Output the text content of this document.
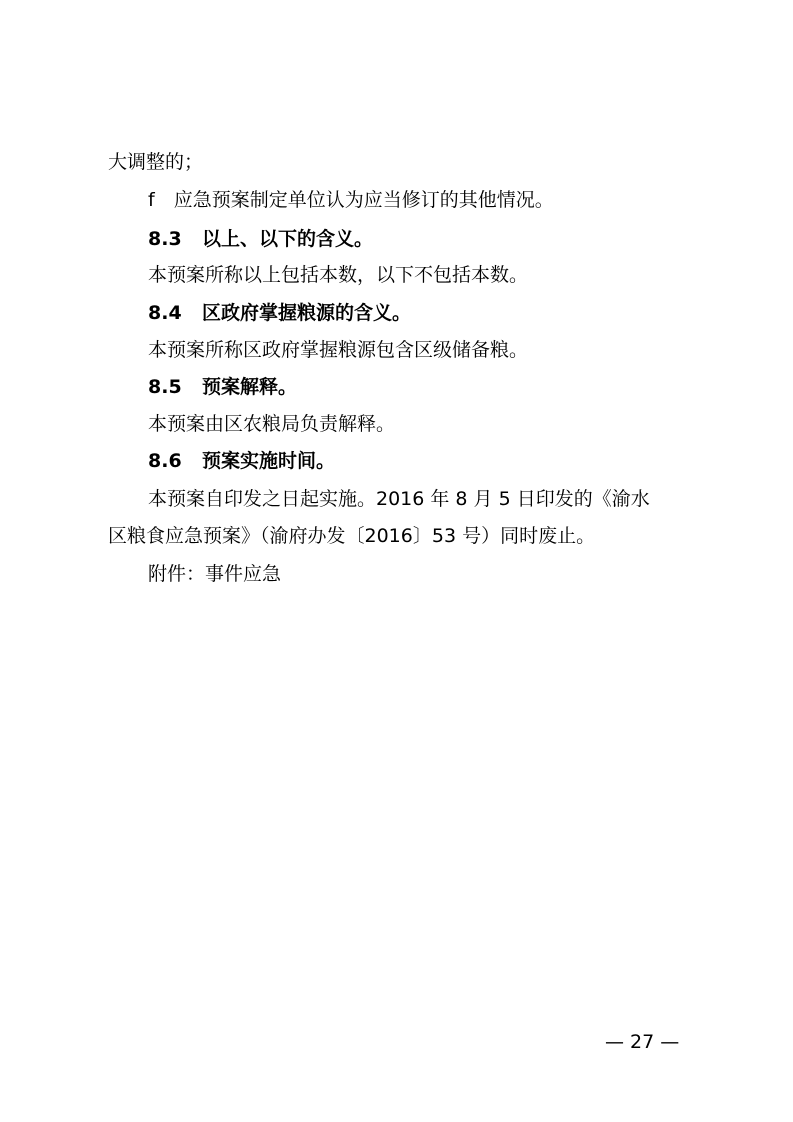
大调整的；
f　应急预案制定单位认为应当修订的其他情况。
8.3 以上、以下的含义。
本预案所称以上包括本数，以下不包括本数。
8.4 区政府掌握粮源的含义。
本预案所称区政府掌握粮源包含区级储备粮。
8.5 预案解释。
本预案由区农粮局负责解释。
8.6 预案实施时间。
本预案自印发之日起实施。2016 年 8 月 5 日印发的《渝水
区粮食应急预案》（渝府办发〔2016〕53 号）同时废止。
附件：事件应急
— 27 —
